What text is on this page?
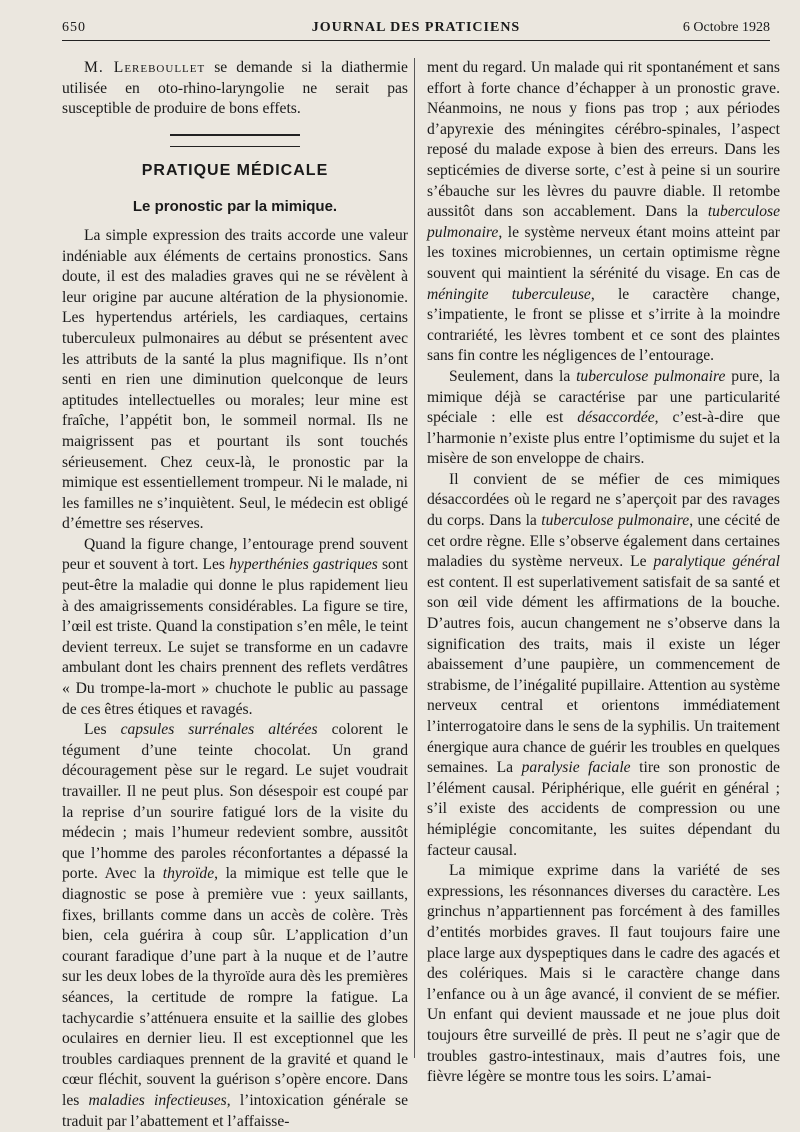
650	JOURNAL DES PRATICIENS	6 Octobre 1928

M. Lereboullet se demande si la diathermie utilisée en oto-rhino-laryngolie ne serait pas susceptible de produire de bons effets.

PRATIQUE MÉDICALE
Le pronostic par la mimique.

La simple expression des traits accorde une valeur indéniable aux éléments de certains pronostics. Sans doute, il est des maladies graves qui ne se révèlent à leur origine par aucune altération de la physionomie. Les hypertendus artériels, les cardiaques, certains tuberculeux pulmonaires au début se présentent avec les attributs de la santé la plus magnifique. Ils n’ont senti en rien une diminution quelconque de leurs aptitudes intellectuelles ou morales; leur mine est fraîche, l’appétit bon, le sommeil normal. Ils ne maigrissent pas et pourtant ils sont touchés sérieusement. Chez ceux-là, le pronostic par la mimique est essentiellement trompeur. Ni le malade, ni les familles ne s’inquiètent. Seul, le médecin est obligé d’émettre ses réserves.

Quand la figure change, l’entourage prend souvent peur et souvent à tort. Les hyperthénies gastriques sont peut-être la maladie qui donne le plus rapidement lieu à des amaigrissements considérables. La figure se tire, l’œil est triste. Quand la constipation s’en mêle, le teint devient terreux. Le sujet se transforme en un cadavre ambulant dont les chairs prennent des reflets verdâtres « Du trompe-la-mort » chuchote le public au passage de ces êtres étiques et ravagés.

Les capsules surrénales altérées colorent le tégument d’une teinte chocolat. Un grand découragement pèse sur le regard. Le sujet voudrait travailler. Il ne peut plus. Son désespoir est coupé par la reprise d’un sourire fatigué lors de la visite du médecin ; mais l’humeur redevient sombre, aussitôt que l’homme des paroles réconfortantes a dépassé la porte. Avec la thyroïde, la mimique est telle que le diagnostic se pose à première vue : yeux saillants, fixes, brillants comme dans un accès de colère. Très bien, cela guérira à coup sûr. L’application d’un courant faradique d’une part à la nuque et de l’autre sur les deux lobes de la thyroïde aura dès les premières séances, la certitude de rompre la fatigue. La tachycardie s’atténuera ensuite et la saillie des globes oculaires en dernier lieu. Il est exceptionnel que les troubles cardiaques prennent de la gravité et quand le cœur fléchit, souvent la guérison s’opère encore. Dans les maladies infectieuses, l’intoxication générale se traduit par l’abattement et l’affaisse-

ment du regard. Un malade qui rit spontanément et sans effort à forte chance d’échapper à un pronostic grave. Néanmoins, ne nous y fions pas trop ; aux périodes d’apyrexie des méningites cérébro-spinales, l’aspect reposé du malade expose à bien des erreurs. Dans les septicémies de diverse sorte, c’est à peine si un sourire s’ébauche sur les lèvres du pauvre diable. Il retombe aussitôt dans son accablement. Dans la tuberculose pulmonaire, le système nerveux étant moins atteint par les toxines microbiennes, un certain optimisme règne souvent qui maintient la sérénité du visage. En cas de méningite tuberculeuse, le caractère change, s’impatiente, le front se plisse et s’irrite à la moindre contrariété, les lèvres tombent et ce sont des plaintes sans fin contre les négligences de l’entourage.

Seulement, dans la tuberculose pulmonaire pure, la mimique déjà se caractérise par une particularité spéciale : elle est désaccordée, c’est-à-dire que l’harmonie n’existe plus entre l’optimisme du sujet et la misère de son enveloppe de chairs.

Il convient de se méfier de ces mimiques désaccordées où le regard ne s’aperçoit par des ravages du corps. Dans la tuberculose pulmonaire, une cécité de cet ordre règne. Elle s’observe également dans certaines maladies du système nerveux. Le paralytique général est content. Il est superlativement satisfait de sa santé et son œil vide dément les affirmations de la bouche. D’autres fois, aucun changement ne s’observe dans la signification des traits, mais il existe un léger abaissement d’une paupière, un commencement de strabisme, de l’inégalité pupillaire. Attention au système nerveux central et orientons immédiatement l’interrogatoire dans le sens de la syphilis. Un traitement énergique aura chance de guérir les troubles en quelques semaines. La paralysie faciale tire son pronostic de l’élément causal. Périphérique, elle guérit en général ; s’il existe des accidents de compression ou une hémiplégie concomitante, les suites dépendant du facteur causal.

La mimique exprime dans la variété de ses expressions, les résonnances diverses du caractère. Les grinchus n’appartiennent pas forcément à des familles d’entités morbides graves. Il faut toujours faire une place large aux dyspeptiques dans le cadre des agacés et des colériques. Mais si le caractère change dans l’enfance ou à un âge avancé, il convient de se méfier. Un enfant qui devient maussade et ne joue plus doit toujours être surveillé de près. Il peut ne s’agir que de troubles gastro-intestinaux, mais d’autres fois, une fièvre légère se montre tous les soirs. L’amai-
